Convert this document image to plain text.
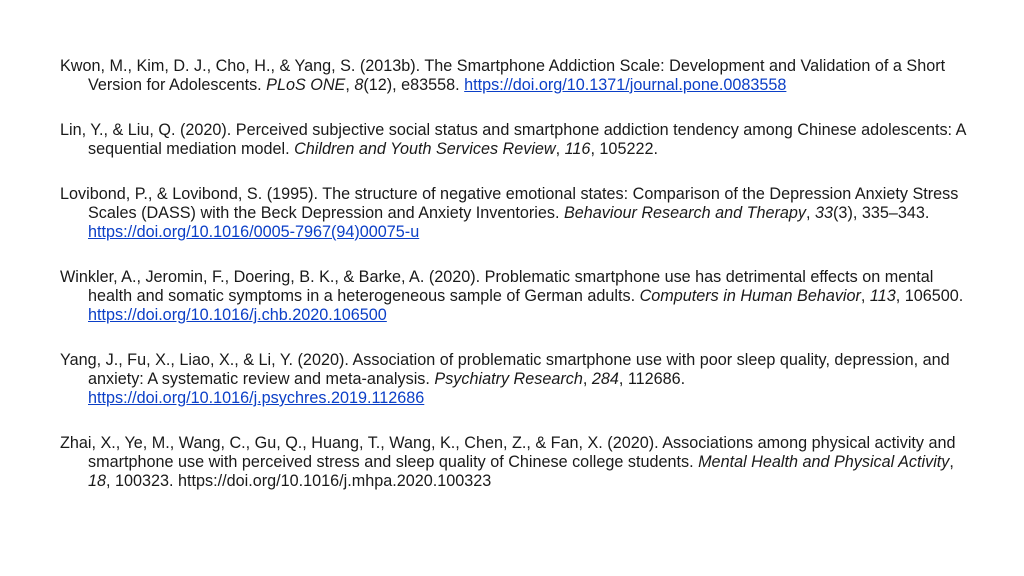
Kwon, M., Kim, D. J., Cho, H., & Yang, S. (2013b). The Smartphone Addiction Scale: Development and Validation of a Short Version for Adolescents. PLoS ONE, 8(12), e83558. https://doi.org/10.1371/journal.pone.0083558

Lin, Y., & Liu, Q. (2020). Perceived subjective social status and smartphone addiction tendency among Chinese adolescents: A sequential mediation model. Children and Youth Services Review, 116, 105222.

Lovibond, P., & Lovibond, S. (1995). The structure of negative emotional states: Comparison of the Depression Anxiety Stress Scales (DASS) with the Beck Depression and Anxiety Inventories. Behaviour Research and Therapy, 33(3), 335–343. https://doi.org/10.1016/0005-7967(94)00075-u

Winkler, A., Jeromin, F., Doering, B. K., & Barke, A. (2020). Problematic smartphone use has detrimental effects on mental health and somatic symptoms in a heterogeneous sample of German adults. Computers in Human Behavior, 113, 106500. https://doi.org/10.1016/j.chb.2020.106500

Yang, J., Fu, X., Liao, X., & Li, Y. (2020). Association of problematic smartphone use with poor sleep quality, depression, and anxiety: A systematic review and meta-analysis. Psychiatry Research, 284, 112686. https://doi.org/10.1016/j.psychres.2019.112686

Zhai, X., Ye, M., Wang, C., Gu, Q., Huang, T., Wang, K., Chen, Z., & Fan, X. (2020). Associations among physical activity and smartphone use with perceived stress and sleep quality of Chinese college students. Mental Health and Physical Activity, 18, 100323. https://doi.org/10.1016/j.mhpa.2020.100323
